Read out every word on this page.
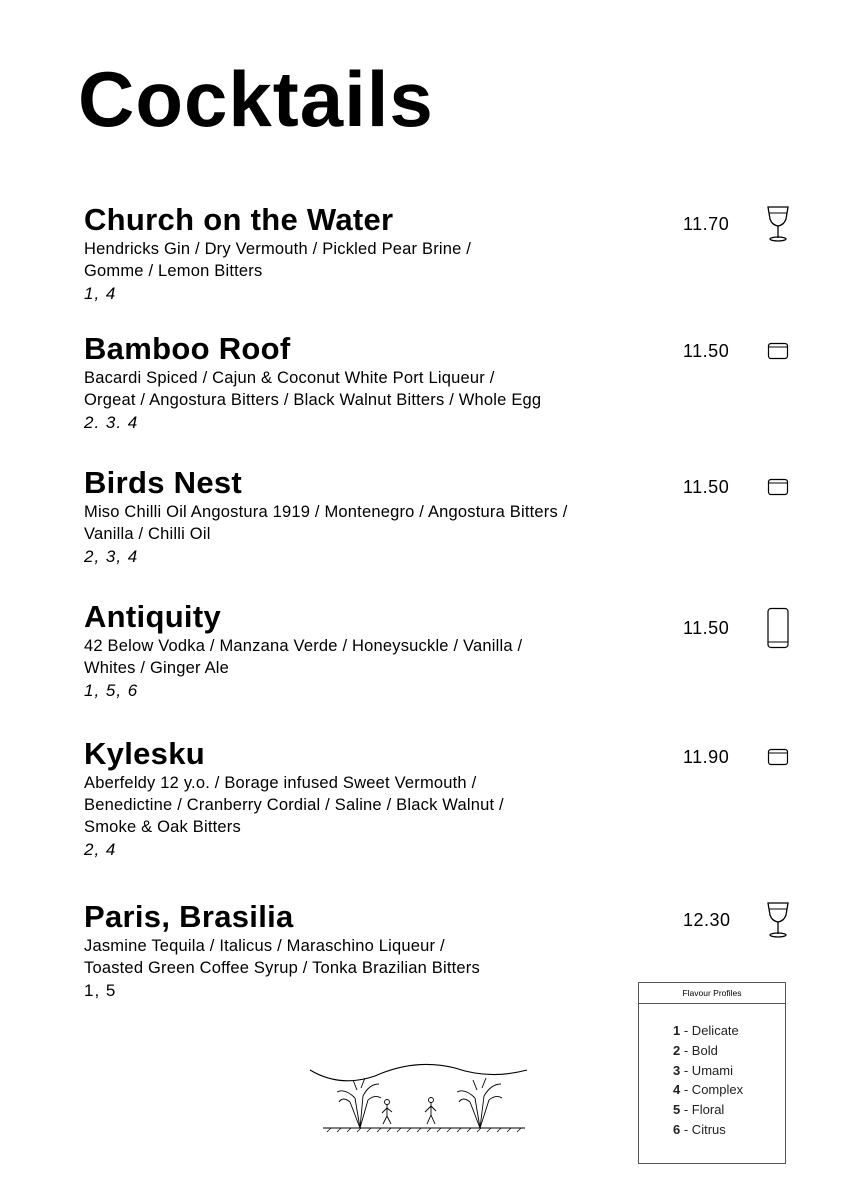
Cocktails
Church on the Water
Hendricks Gin / Dry Vermouth / Pickled Pear Brine /
Gomme / Lemon Bitters
1, 4
11.70
Bamboo Roof
Bacardi Spiced / Cajun & Coconut White Port Liqueur /
Orgeat / Angostura Bitters / Black Walnut Bitters / Whole Egg
2. 3. 4
11.50
Birds Nest
Miso Chilli Oil Angostura 1919 / Montenegro / Angostura Bitters /
Vanilla / Chilli Oil
2, 3, 4
11.50
Antiquity
42 Below Vodka / Manzana Verde / Honeysuckle / Vanilla /
Whites / Ginger Ale
1, 5, 6
11.50
Kylesku
Aberfeldy 12 y.o. / Borage infused Sweet Vermouth /
Benedictine / Cranberry Cordial / Saline / Black Walnut /
Smoke & Oak Bitters
2, 4
11.90
Paris, Brasilia
Jasmine Tequila / Italicus / Maraschino Liqueur /
Toasted Green Coffee Syrup / Tonka Brazilian Bitters
1, 5
12.30
Flavour Profiles
1 - Delicate
2 - Bold
3 - Umami
4 - Complex
5 - Floral
6 - Citrus
